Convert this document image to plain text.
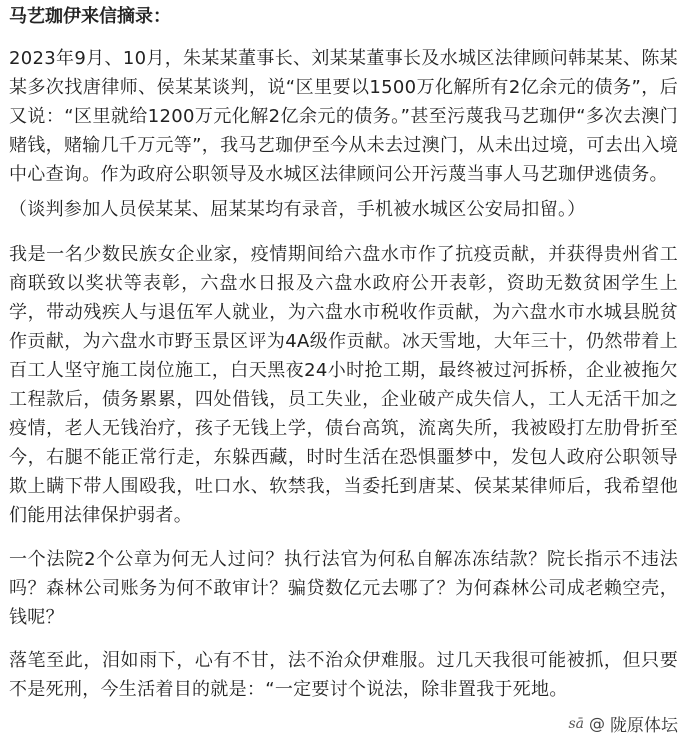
马艺珈伊来信摘录：

2023年9月、10月，朱某某董事长、刘某某董事长及水城区法律顾问韩某某、陈某某多次找唐律师、侯某某谈判，说“区里要以1500万化解所有2亿余元的债务”，后又说：“区里就给1200万元化解2亿余元的债务。”甚至污蔑我马艺珈伊“多次去澳门赌钱，赌输几千万元等”，我马艺珈伊至今从未去过澳门，从未出过境，可去出入境中心查询。作为政府公职领导及水城区法律顾问公开污蔑当事人马艺珈伊逃债务。

（谈判参加人员侯某某、屈某某均有录音，手机被水城区公安局扣留。）

我是一名少数民族女企业家，疫情期间给六盘水市作了抗疫贡献，并获得贵州省工商联致以奖状等表彰，六盘水日报及六盘水政府公开表彰，资助无数贫困学生上学，带动残疾人与退伍军人就业，为六盘水市税收作贡献，为六盘水市水城县脱贫作贡献，为六盘水市野玉景区评为4A级作贡献。冰天雪地，大年三十，仍然带着上百工人坚守施工岗位施工，白天黑夜24小时抢工期，最终被过河拆桥，企业被拖欠工程款后，债务累累，四处借钱，员工失业，企业破产成失信人，工人无活干加之疫情，老人无钱治疗，孩子无钱上学，债台高筑，流离失所，我被殴打左肋骨折至今，右腿不能正常行走，东躲西藏，时时生活在恐惧噩梦中，发包人政府公职领导欺上瞒下带人围殴我，吐口水、软禁我，当委托到唐某、侯某某律师后，我希望他们能用法律保护弱者。

一个法院2个公章为何无人过问？执行法官为何私自解冻冻结款？院长指示不违法吗？森林公司账务为何不敢审计？骗贷数亿元去哪了？为何森林公司成老赖空壳，钱呢？

落笔至此，泪如雨下，心有不甘，法不治众伊难服。过几天我很可能被抓，但只要不是死刑，今生活着目的就是：“一定要讨个说法，除非置我于死地。

sā @ 陇原体坛
